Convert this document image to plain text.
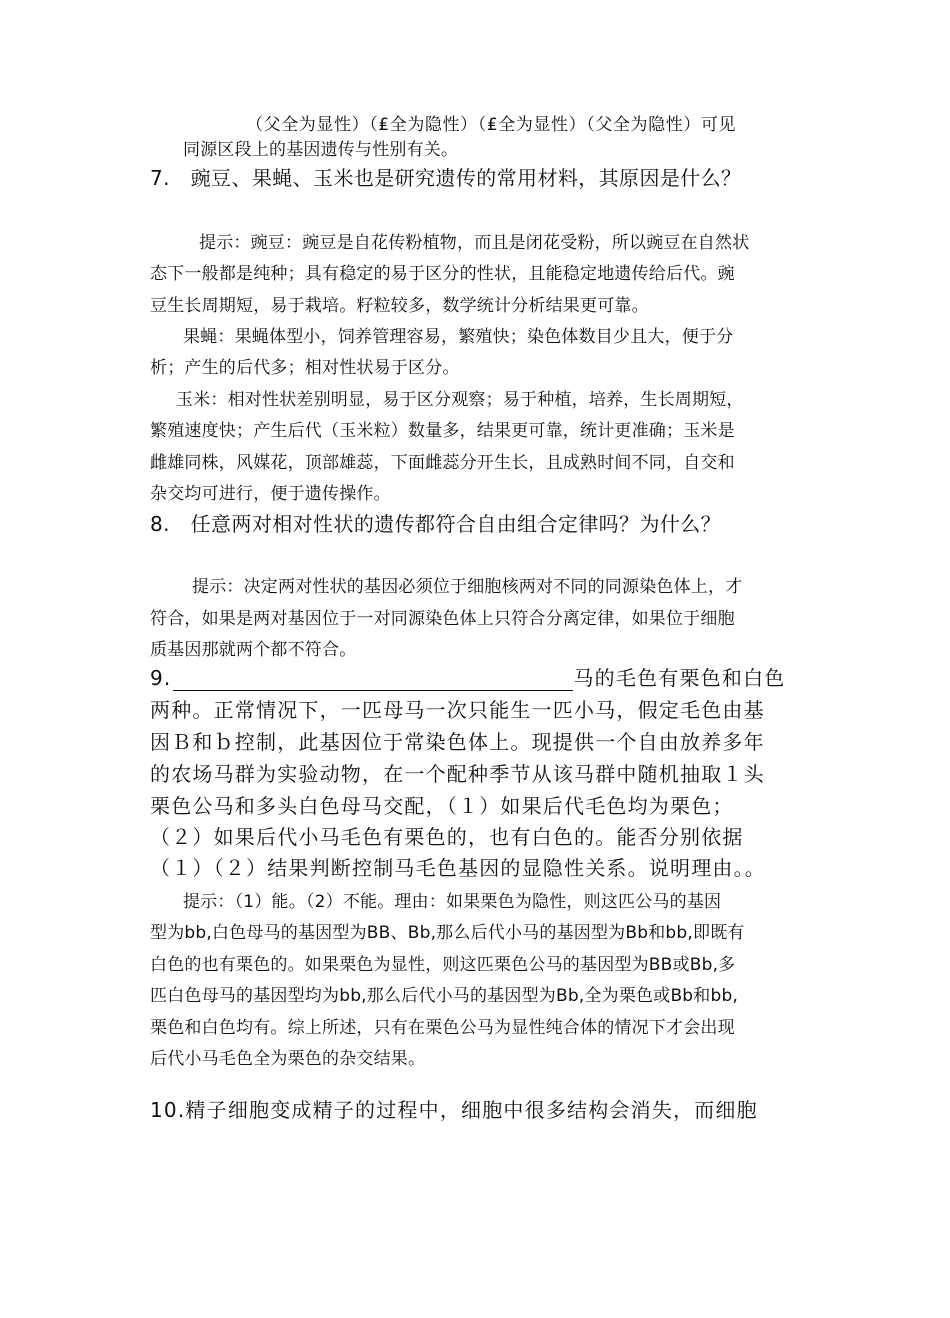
（父全为显性）（₤全为隐性）（₤全为显性）（父全为隐性）可见
同源区段上的基因遗传与性别有关。
7. 豌豆、果蝇、玉米也是研究遗传的常用材料，其原因是什么？
提示：豌豆：豌豆是自花传粉植物，而且是闭花受粉，所以豌豆在自然状
态下一般都是纯种；具有稳定的易于区分的性状，且能稳定地遗传给后代。豌
豆生长周期短，易于栽培。籽粒较多，数学统计分析结果更可靠。
果蝇：果蝇体型小，饲养管理容易，繁殖快；染色体数目少且大，便于分
析；产生的后代多；相对性状易于区分。
玉米：相对性状差别明显，易于区分观察；易于种植，培养，生长周期短，
繁殖速度快；产生后代（玉米粒）数量多，结果更可靠，统计更准确；玉米是
雌雄同株，风媒花，顶部雄蕊，下面雌蕊分开生长，且成熟时间不同，自交和
杂交均可进行，便于遗传操作。
8. 任意两对相对性状的遗传都符合自由组合定律吗？为什么？
提示：决定两对性状的基因必须位于细胞核两对不同的同源染色体上，才
符合，如果是两对基因位于一对同源染色体上只符合分离定律，如果位于细胞
质基因那就两个都不符合。
9.	马的毛色有栗色和白色
两种。正常情况下，一匹母马一次只能生一匹小马，假定毛色由基
因Ｂ和ｂ控制，此基因位于常染色体上。现提供一个自由放养多年
的农场马群为实验动物，在一个配种季节从该马群中随机抽取１头
栗色公马和多头白色母马交配，（１）如果后代毛色均为栗色；
（２）如果后代小马毛色有栗色的，也有白色的。能否分别依据
（１）（２）结果判断控制马毛色基因的显隐性关系。说明理由。。
提示：（1）能。（2）不能。理由：如果栗色为隐性，则这匹公马的基因
型为bb,白色母马的基因型为BB、Bb,那么后代小马的基因型为Bb和bb,即既有
白色的也有栗色的。如果栗色为显性，则这匹栗色公马的基因型为BB或Bb,多
匹白色母马的基因型均为bb,那么后代小马的基因型为Bb,全为栗色或Bb和bb,
栗色和白色均有。综上所述，只有在栗色公马为显性纯合体的情况下才会出现
后代小马毛色全为栗色的杂交结果。
10.精子细胞变成精子的过程中，细胞中很多结构会消失，而细胞
